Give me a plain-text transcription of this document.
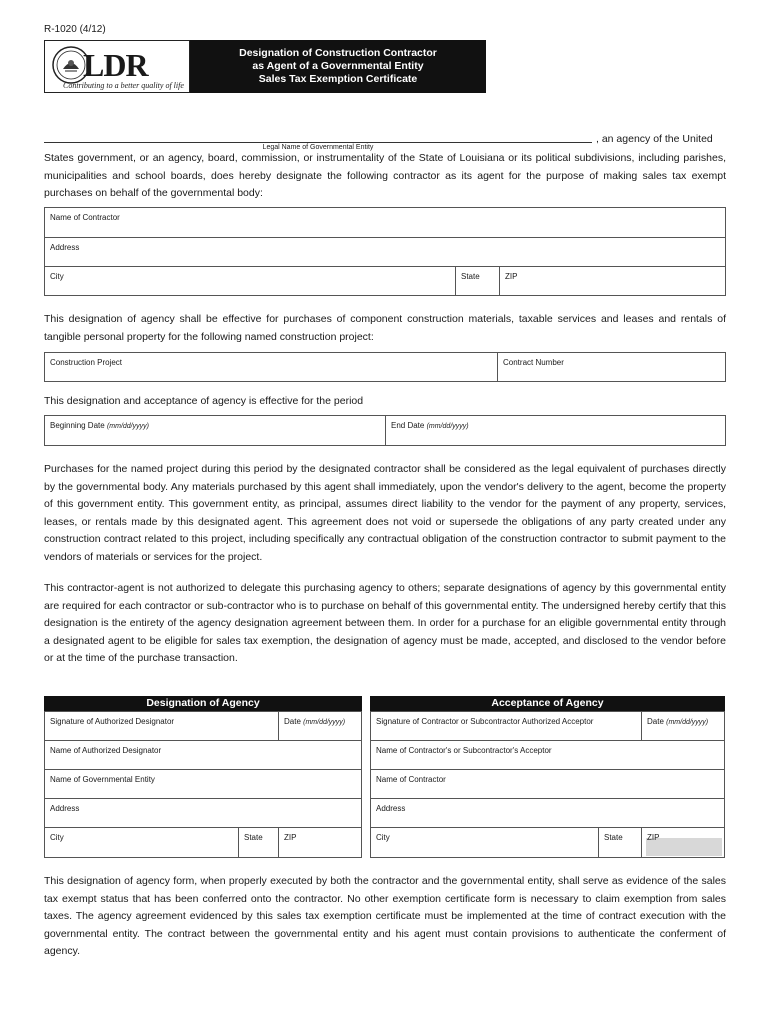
R-1020 (4/12)
LDR
Contributing to a better quality of life
Designation of Construction Contractor
as Agent of a Governmental Entity
Sales Tax Exemption Certificate
Legal Name of Governmental Entity
, an agency of the United

States government, or an agency, board, commission, or instrumentality of the State of Louisiana or its political subdivisions, including parishes, municipalities and school boards, does hereby designate the following contractor as its agent for the purpose of making sales tax exempt purchases on behalf of the governmental body:

Name of Contractor
Address
City	State	ZIP

This designation of agency shall be effective for purchases of component construction materials, taxable services and leases and rentals of tangible personal property for the following named construction project:

Construction Project	Contract Number

This designation and acceptance of agency is effective for the period

Beginning Date (mm/dd/yyyy)	End Date (mm/dd/yyyy)

Purchases for the named project during this period by the designated contractor shall be considered as the legal equivalent of purchases directly by the governmental body. Any materials purchased by this agent shall immediately, upon the vendor's delivery to the agent, become the property of this government entity. This government entity, as principal, assumes direct liability to the vendor for the payment of any property, services, leases, or rentals made by this designated agent. This agreement does not void or supersede the obligations of any party created under any construction contract related to this project, including specifically any contractual obligation of the construction contractor to submit payment to the vendors of materials or services for the project.

This contractor-agent is not authorized to delegate this purchasing agency to others; separate designations of agency by this governmental entity are required for each contractor or sub-contractor who is to purchase on behalf of this governmental entity. The undersigned hereby certify that this designation is the entirety of the agency designation agreement between them. In order for a purchase for an eligible governmental entity through a designated agent to be eligible for sales tax exemption, the designation of agency must be made, accepted, and disclosed to the vendor before or at the time of the purchase transaction.

Designation of Agency
Signature of Authorized Designator	Date (mm/dd/yyyy)
Name of Authorized Designator
Name of Governmental Entity
Address
City	State	ZIP
Acceptance of Agency
Signature of Contractor or Subcontractor Authorized Acceptor	Date (mm/dd/yyyy)
Name of Contractor's or Subcontractor's Acceptor
Name of Contractor
Address
City	State	ZIP

This designation of agency form, when properly executed by both the contractor and the governmental entity, shall serve as evidence of the sales tax exempt status that has been conferred onto the contractor. No other exemption certificate form is necessary to claim exemption from sales taxes. The agency agreement evidenced by this sales tax exemption certificate must be implemented at the time of contract execution with the governmental entity. The contract between the governmental entity and his agent must contain provisions to authenticate the conferment of agency.
